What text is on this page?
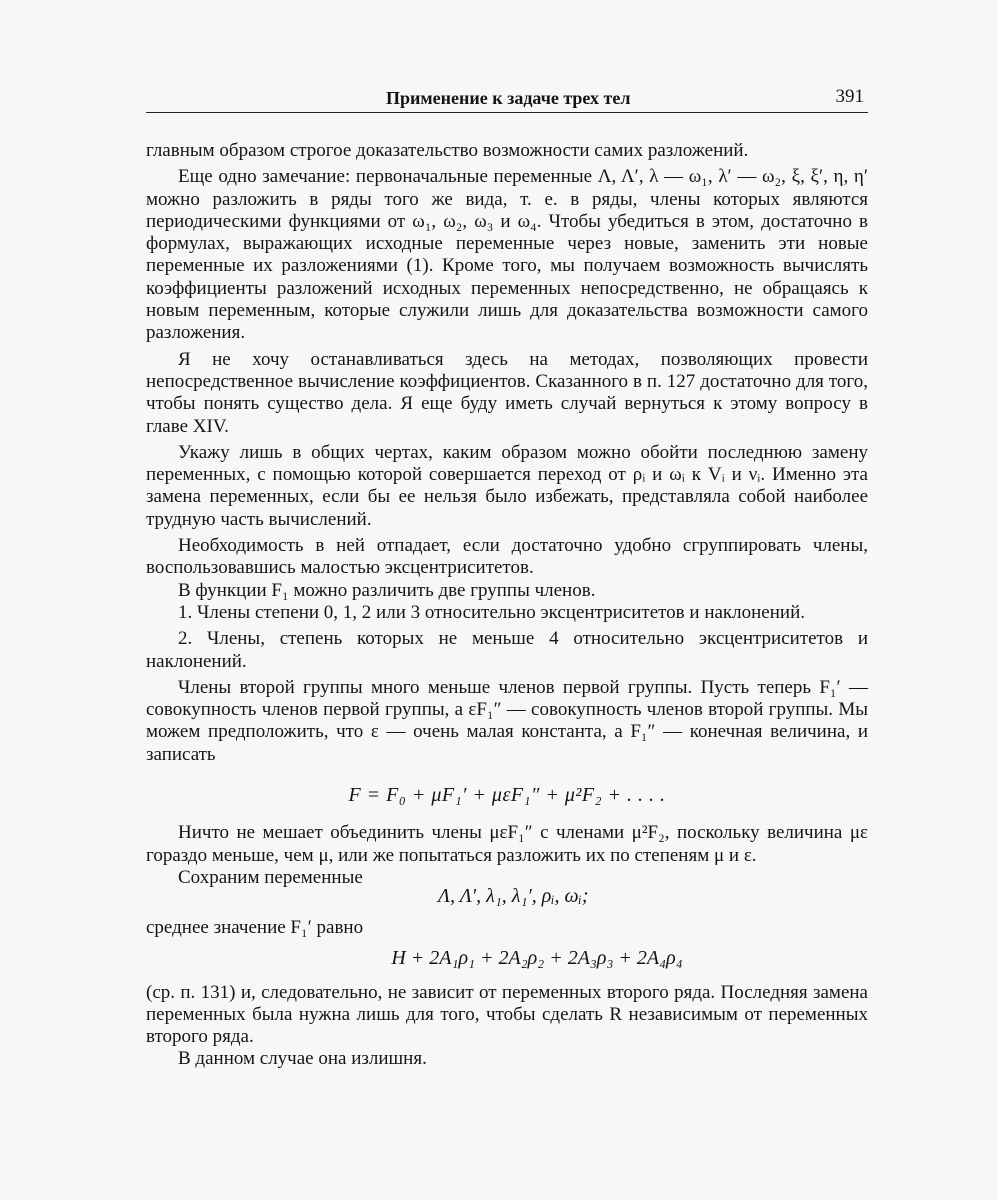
Применение к задаче трех тел	391

главным образом строгое доказательство возможности самих разложений.

Еще одно замечание: первоначальные переменные Λ, Λ′, λ — ω₁, λ′ — ω₂, ξ, ξ′, η, η′ можно разложить в ряды того же вида, т. е. в ряды, члены которых являются периодическими функциями от ω₁, ω₂, ω₃ и ω₄. Чтобы убедиться в этом, достаточно в формулах, выражающих исходные переменные через новые, заменить эти новые переменные их разложениями (1). Кроме того, мы получаем возможность вычислять коэффициенты разложений исходных переменных непосредственно, не обращаясь к новым переменным, которые служили лишь для доказательства возможности самого разложения.

Я не хочу останавливаться здесь на методах, позволяющих провести непосредственное вычисление коэффициентов. Сказанного в п. 127 достаточно для того, чтобы понять существо дела. Я еще буду иметь случай вернуться к этому вопросу в главе XIV.

Укажу лишь в общих чертах, каким образом можно обойти последнюю замену переменных, с помощью которой совершается переход от ρᵢ и ωᵢ к Vᵢ и νᵢ. Именно эта замена переменных, если бы ее нельзя было избежать, представляла собой наиболее трудную часть вычислений.

Необходимость в ней отпадает, если достаточно удобно сгруппировать члены, воспользовавшись малостью эксцентриситетов.

В функции F₁ можно различить две группы членов.

1. Члены степени 0, 1, 2 или 3 относительно эксцентриситетов и наклонений.

2. Члены, степень которых не меньше 4 относительно эксцентриситетов и наклонений.

Члены второй группы много меньше членов первой группы. Пусть теперь F₁′ — совокупность членов первой группы, а εF₁″ — совокупность членов второй группы. Мы можем предположить, что ε — очень малая константа, а F₁″ — конечная величина, и записать

F = F₀ + μF₁′ + μεF₁″ + μ²F₂ + . . . .

Ничто не мешает объединить члены μεF₁″ с членами μ²F₂, поскольку величина με гораздо меньше, чем μ, или же попытаться разложить их по степеням μ и ε.

Сохраним переменные
Λ, Λ′, λ₁, λ₁′, ρᵢ, ωᵢ;

среднее значение F₁′ равно

H + 2A₁ρ₁ + 2A₂ρ₂ + 2A₃ρ₃ + 2A₄ρ₄

(ср. п. 131) и, следовательно, не зависит от переменных второго ряда. Последняя замена переменных была нужна лишь для того, чтобы сделать R независимым от переменных второго ряда.

В данном случае она излишня.
